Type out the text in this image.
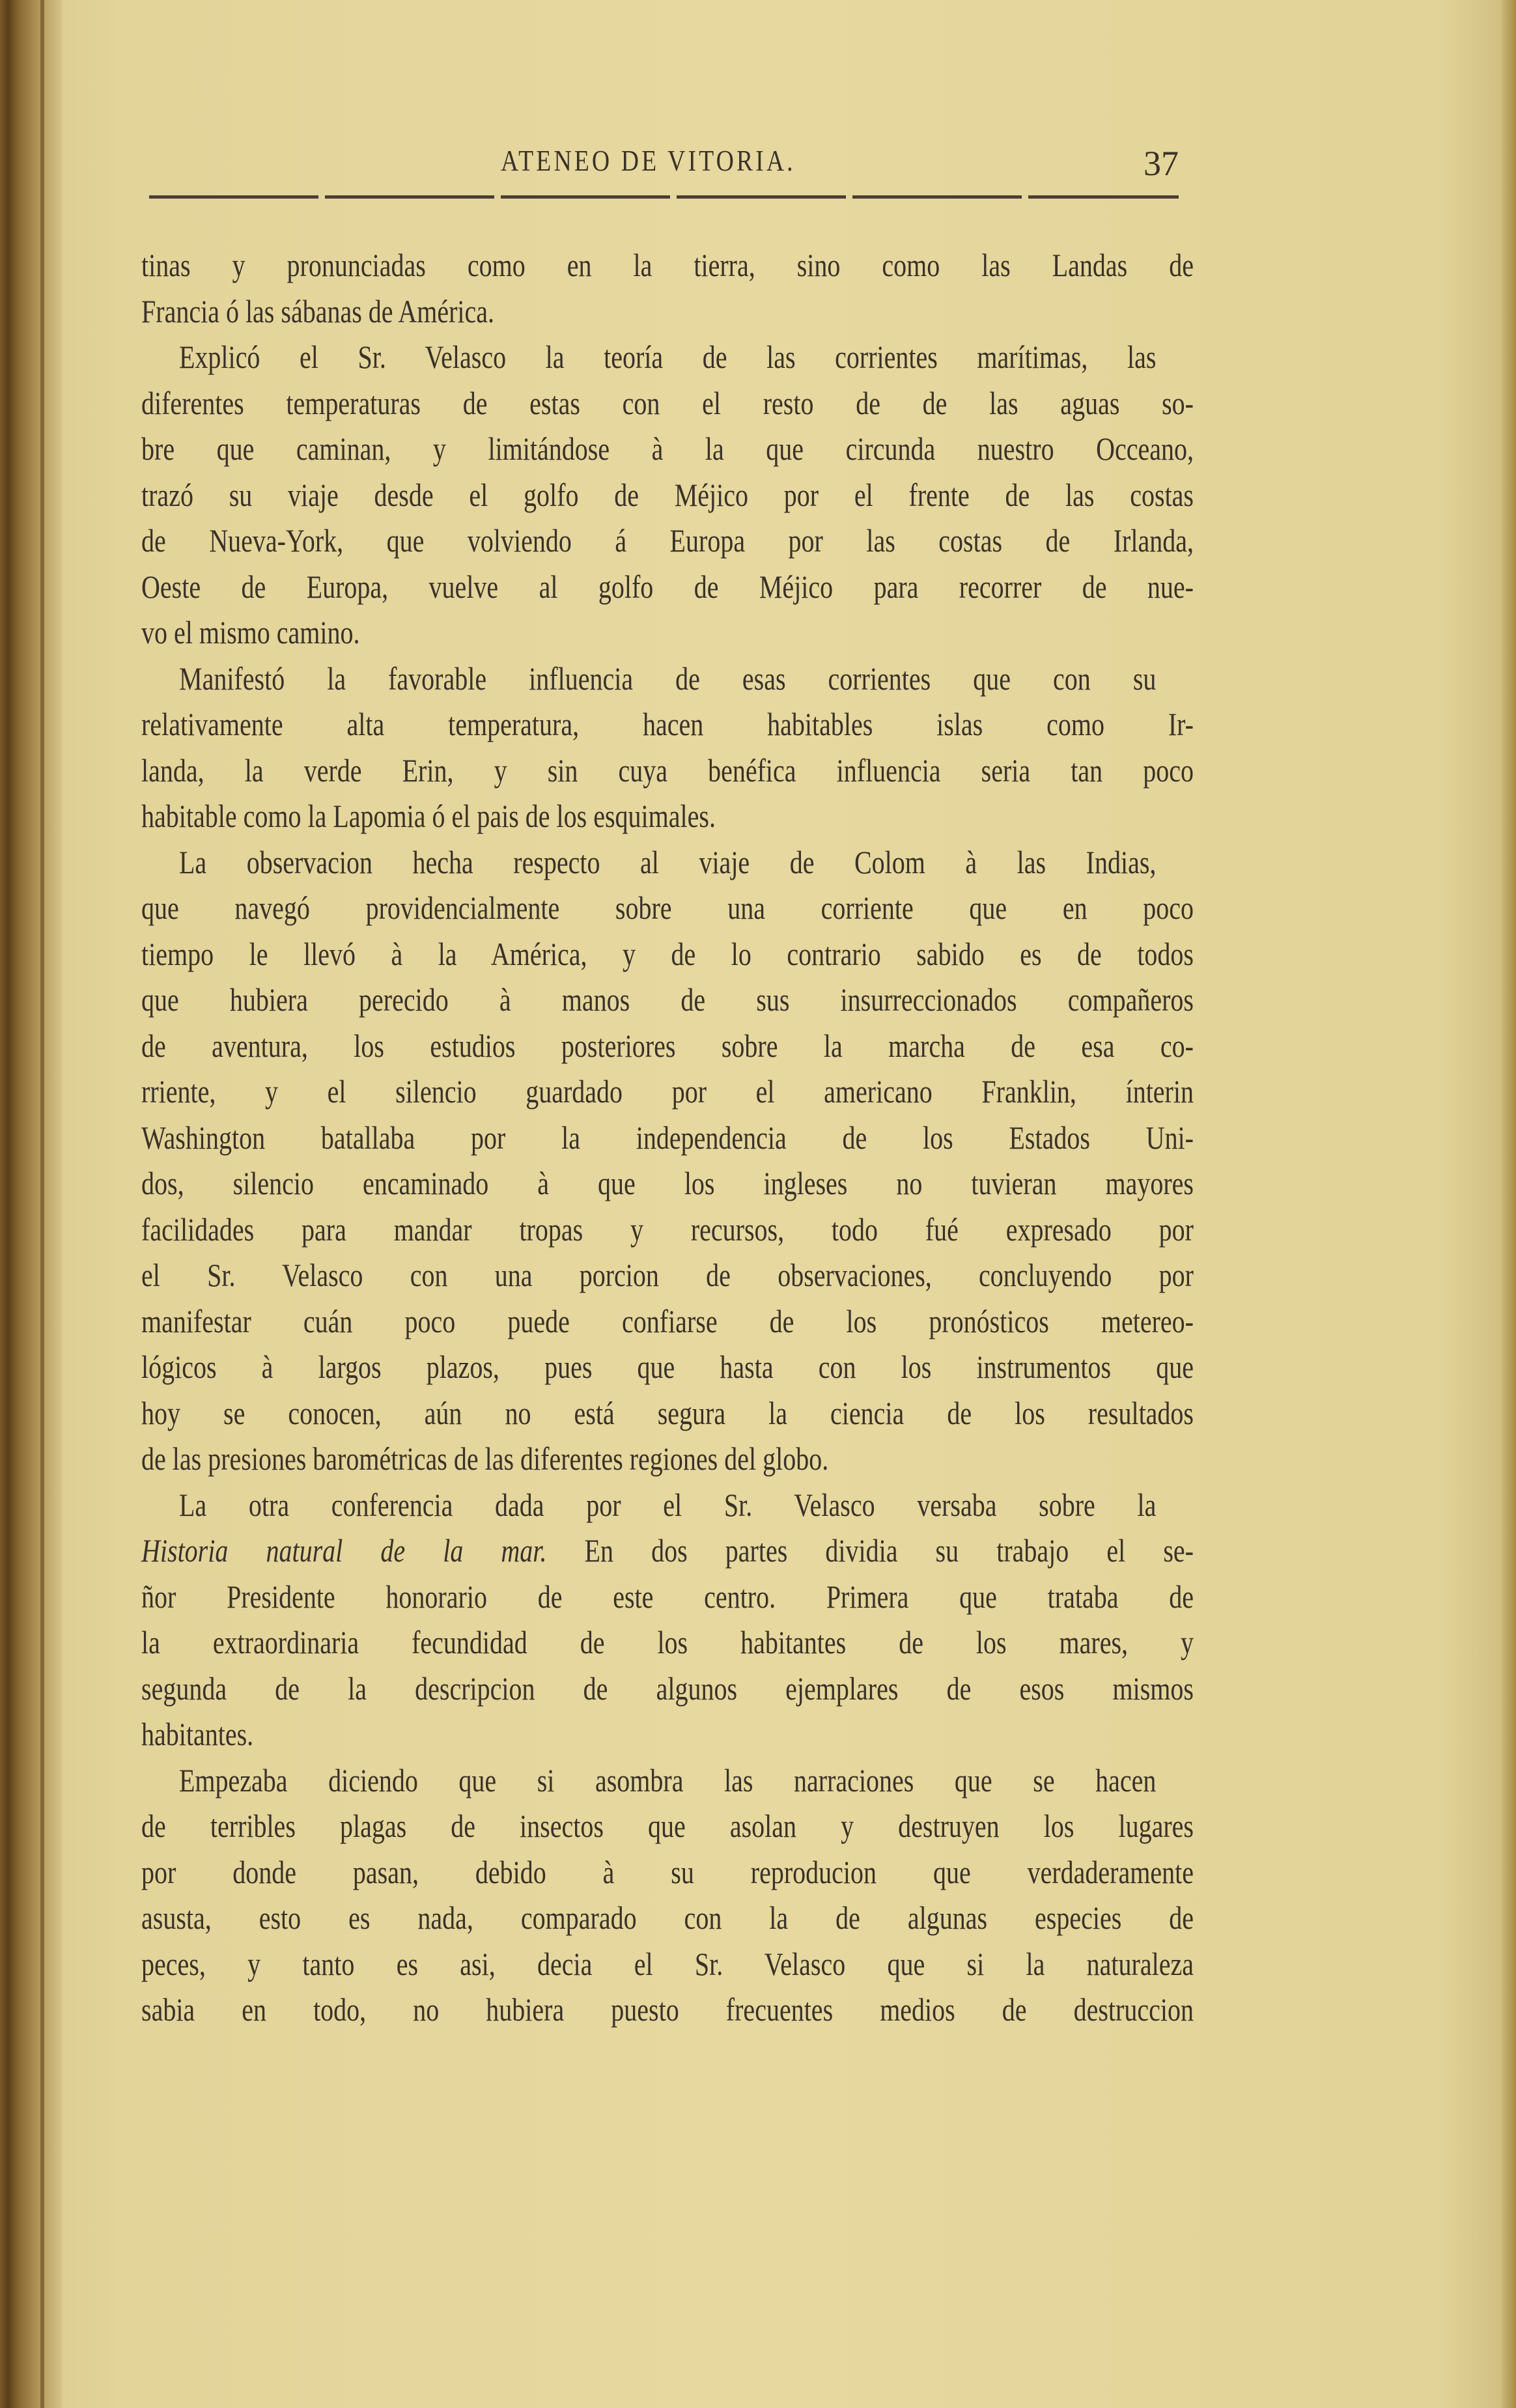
ATENEO DE VITORIA.	37
tinas y pronunciadas como en la tierra, sino como las Landas de
Francia ó las sábanas de América.
Explicó el Sr. Velasco la teoría de las corrientes marítimas, las
diferentes temperaturas de estas con el resto de de las aguas so-
bre que caminan, y limitándose à la que circunda nuestro Occeano,
trazó su viaje desde el golfo de Méjico por el frente de las costas
de Nueva-York, que volviendo á Europa por las costas de Irlanda,
Oeste de Europa, vuelve al golfo de Méjico para recorrer de nue-
vo el mismo camino.
Manifestó la favorable influencia de esas corrientes que con su
relativamente alta temperatura, hacen habitables islas como Ir-
landa, la verde Erin, y sin cuya benéfica influencia seria tan poco
habitable como la Lapomia ó el pais de los esquimales.
La observacion hecha respecto al viaje de Colom à las Indias,
que navegó providencialmente sobre una corriente que en poco
tiempo le llevó à la América, y de lo contrario sabido es de todos
que hubiera perecido à manos de sus insurreccionados compañeros
de aventura, los estudios posteriores sobre la marcha de esa co-
rriente, y el silencio guardado por el americano Franklin, ínterin
Washington batallaba por la independencia de los Estados Uni-
dos, silencio encaminado à que los ingleses no tuvieran mayores
facilidades para mandar tropas y recursos, todo fué expresado por
el Sr. Velasco con una porcion de observaciones, concluyendo por
manifestar cuán poco puede confiarse de los pronósticos metereo-
lógicos à largos plazos, pues que hasta con los instrumentos que
hoy se conocen, aún no está segura la ciencia de los resultados
de las presiones barométricas de las diferentes regiones del globo.
La otra conferencia dada por el Sr. Velasco versaba sobre la
Historia natural de la mar. En dos partes dividia su trabajo el se-
ñor Presidente honorario de este centro. Primera que trataba de
la extraordinaria fecundidad de los habitantes de los mares, y
segunda de la descripcion de algunos ejemplares de esos mismos
habitantes.
Empezaba diciendo que si asombra las narraciones que se hacen
de terribles plagas de insectos que asolan y destruyen los lugares
por donde pasan, debido à su reproducion que verdaderamente
asusta, esto es nada, comparado con la de algunas especies de
peces, y tanto es asi, decia el Sr. Velasco que si la naturaleza
sabia en todo, no hubiera puesto frecuentes medios de destruccion
